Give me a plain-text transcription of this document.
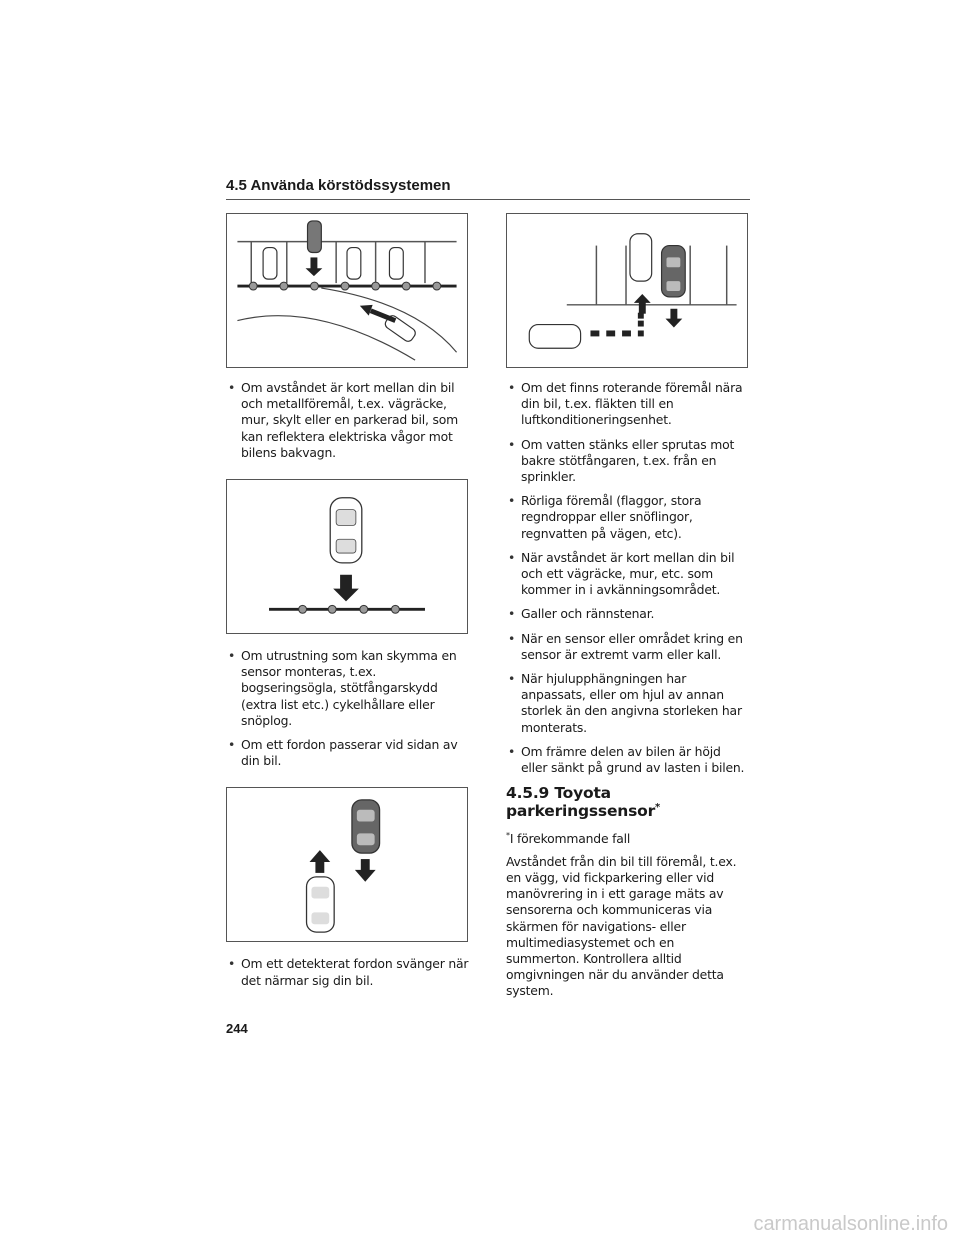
4.5 Använda körstödssystemen
• Om avståndet är kort mellan din bil och metallföremål, t.ex. vägräcke, mur, skylt eller en parkerad bil, som kan reflektera elektriska vågor mot bilens bakvagn.
• Om utrustning som kan skymma en sensor monteras, t.ex. bogseringsögla, stötfångarskydd (extra list etc.) cykelhållare eller snöplog.
• Om ett fordon passerar vid sidan av din bil.
• Om ett detekterat fordon svänger när det närmar sig din bil.
• Om det finns roterande föremål nära din bil, t.ex. fläkten till en luftkonditioneringsenhet.
• Om vatten stänks eller sprutas mot bakre stötfångaren, t.ex. från en sprinkler.
• Rörliga föremål (flaggor, stora regndroppar eller snöflingor, regnvatten på vägen, etc).
• När avståndet är kort mellan din bil och ett vägräcke, mur, etc. som kommer in i avkänningsområdet.
• Galler och rännstenar.
• När en sensor eller området kring en sensor är extremt varm eller kall.
• När hjulupphängningen har anpassats, eller om hjul av annan storlek än den angivna storleken har monterats.
• Om främre delen av bilen är höjd eller sänkt på grund av lasten i bilen.
4.5.9 Toyota parkeringssensor*
*I förekommande fall
Avståndet från din bil till föremål, t.ex. en vägg, vid fickparkering eller vid manövrering in i ett garage mäts av sensorerna och kommuniceras via skärmen för navigations- eller multimediasystemet och en summerton. Kontrollera alltid omgivningen när du använder detta system.
244
carmanualsonline.info
